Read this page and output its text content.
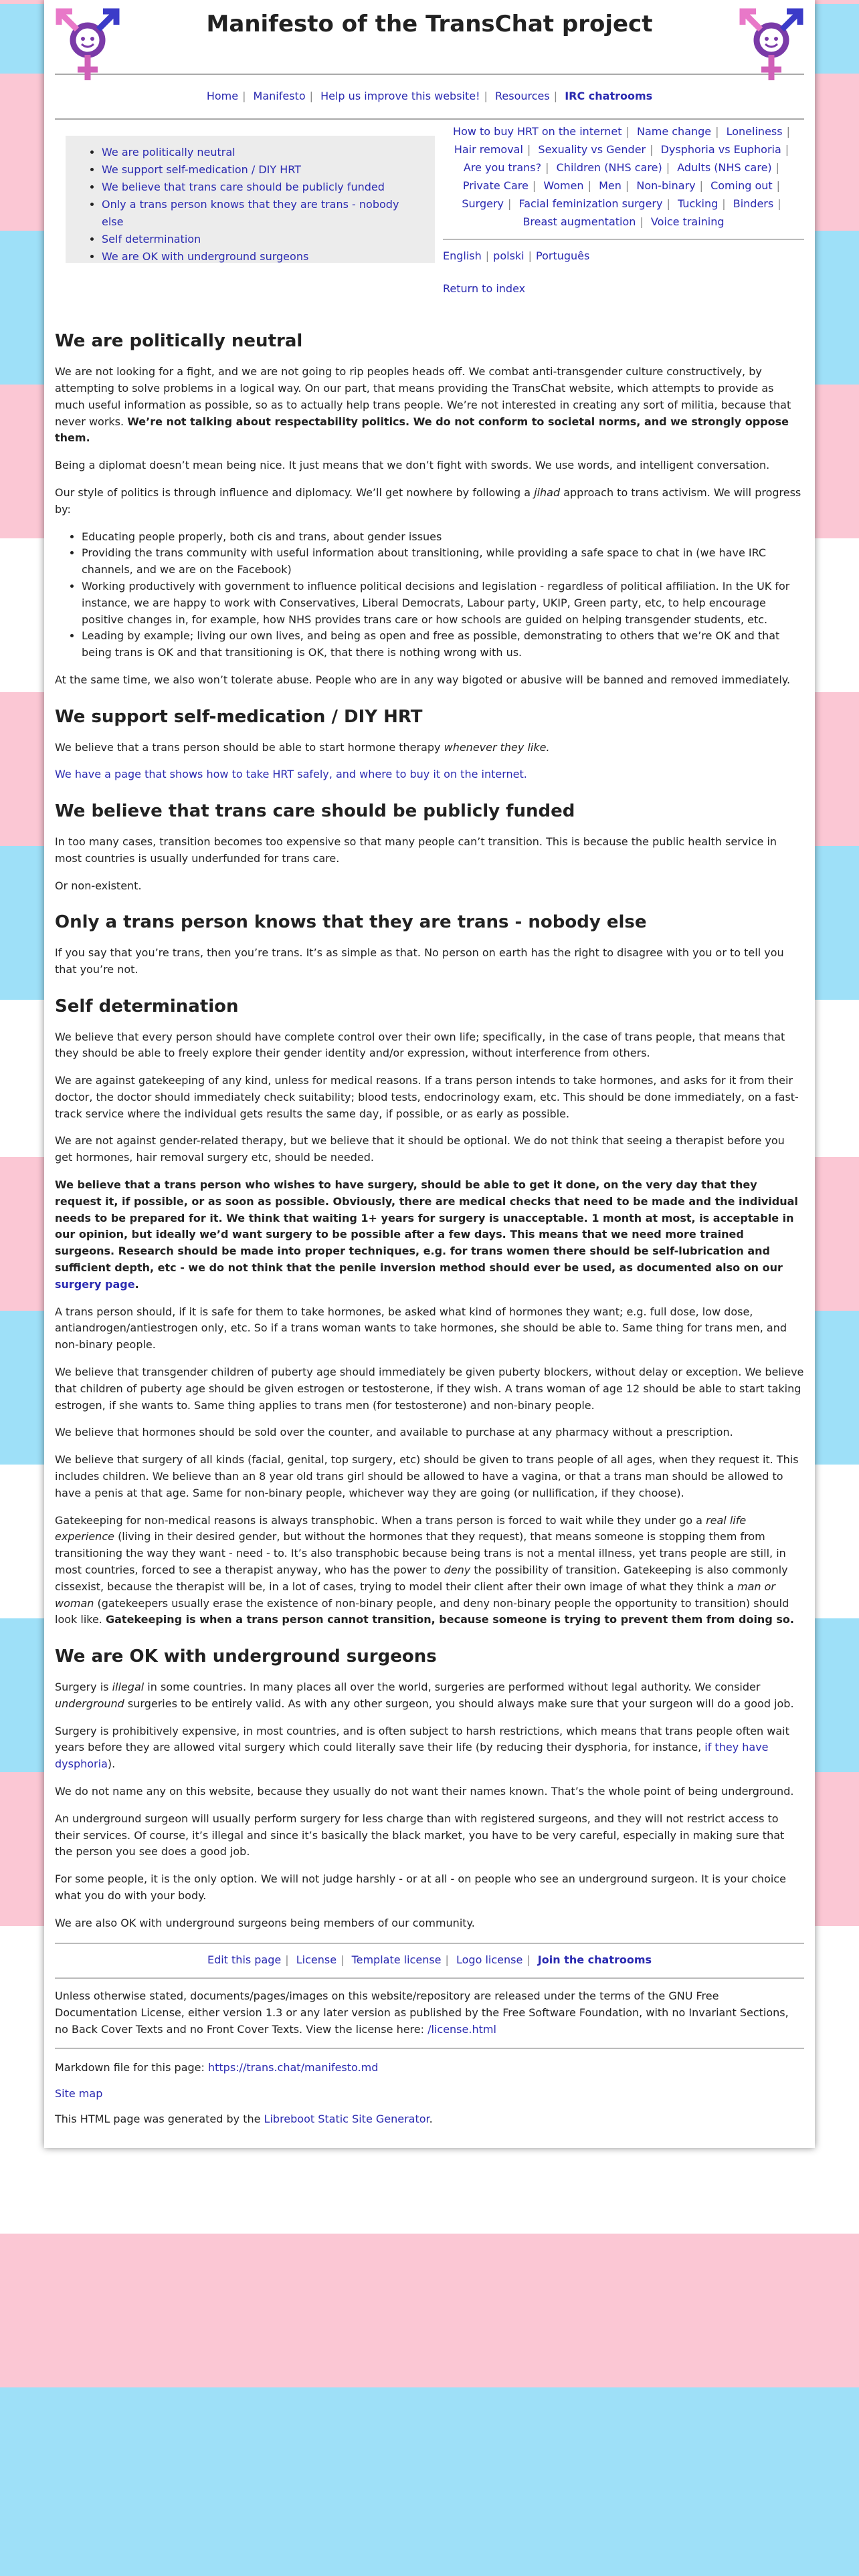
Manifesto of the TransChat project
Home | Manifesto | Help us improve this website! | Resources | IRC chatrooms
• We are politically neutral
• We support self-medication / DIY HRT
• We believe that trans care should be publicly funded
• Only a trans person knows that they are trans - nobody else
• Self determination
• We are OK with underground surgeons
How to buy HRT on the internet | Name change | Loneliness |
Hair removal | Sexuality vs Gender | Dysphoria vs Euphoria |
Are you trans? | Children (NHS care) | Adults (NHS care) |
Private Care | Women | Men | Non-binary | Coming out |
Surgery | Facial feminization surgery | Tucking | Binders |
Breast augmentation | Voice training

English | polski | Português

Return to index

We are politically neutral

We are not looking for a fight, and we are not going to rip peoples heads off. We combat anti-transgender culture constructively, by attempting to solve problems in a logical way. On our part, that means providing the TransChat website, which attempts to provide as much useful information as possible, so as to actually help trans people. We’re not interested in creating any sort of militia, because that never works. We’re not talking about respectability politics. We do not conform to societal norms, and we strongly oppose them.

Being a diplomat doesn’t mean being nice. It just means that we don’t fight with swords. We use words, and intelligent conversation.

Our style of politics is through influence and diplomacy. We’ll get nowhere by following a jihad approach to trans activism. We will progress by:

• Educating people properly, both cis and trans, about gender issues
• Providing the trans community with useful information about transitioning, while providing a safe space to chat in (we have IRC channels, and we are on the Facebook)
• Working productively with government to influence political decisions and legislation - regardless of political affiliation. In the UK for instance, we are happy to work with Conservatives, Liberal Democrats, Labour party, UKIP, Green party, etc, to help encourage positive changes in, for example, how NHS provides trans care or how schools are guided on helping transgender students, etc.
• Leading by example; living our own lives, and being as open and free as possible, demonstrating to others that we’re OK and that being trans is OK and that transitioning is OK, that there is nothing wrong with us.

At the same time, we also won’t tolerate abuse. People who are in any way bigoted or abusive will be banned and removed immediately.

We support self-medication / DIY HRT

We believe that a trans person should be able to start hormone therapy whenever they like.

We have a page that shows how to take HRT safely, and where to buy it on the internet.

We believe that trans care should be publicly funded

In too many cases, transition becomes too expensive so that many people can’t transition. This is because the public health service in most countries is usually underfunded for trans care.

Or non-existent.

Only a trans person knows that they are trans - nobody else

If you say that you’re trans, then you’re trans. It’s as simple as that. No person on earth has the right to disagree with you or to tell you that you’re not.

Self determination

We believe that every person should have complete control over their own life; specifically, in the case of trans people, that means that they should be able to freely explore their gender identity and/or expression, without interference from others.

We are against gatekeeping of any kind, unless for medical reasons. If a trans person intends to take hormones, and asks for it from their doctor, the doctor should immediately check suitability; blood tests, endocrinology exam, etc. This should be done immediately, on a fast-track service where the individual gets results the same day, if possible, or as early as possible.

We are not against gender-related therapy, but we believe that it should be optional. We do not think that seeing a therapist before you get hormones, hair removal surgery etc, should be needed.

We believe that a trans person who wishes to have surgery, should be able to get it done, on the very day that they request it, if possible, or as soon as possible. Obviously, there are medical checks that need to be made and the individual needs to be prepared for it. We think that waiting 1+ years for surgery is unacceptable. 1 month at most, is acceptable in our opinion, but ideally we’d want surgery to be possible after a few days. This means that we need more trained surgeons. Research should be made into proper techniques, e.g. for trans women there should be self-lubrication and sufficient depth, etc - we do not think that the penile inversion method should ever be used, as documented also on our surgery page.

A trans person should, if it is safe for them to take hormones, be asked what kind of hormones they want; e.g. full dose, low dose, antiandrogen/antiestrogen only, etc. So if a trans woman wants to take hormones, she should be able to. Same thing for trans men, and non-binary people.

We believe that transgender children of puberty age should immediately be given puberty blockers, without delay or exception. We believe that children of puberty age should be given estrogen or testosterone, if they wish. A trans woman of age 12 should be able to start taking estrogen, if she wants to. Same thing applies to trans men (for testosterone) and non-binary people.

We believe that hormones should be sold over the counter, and available to purchase at any pharmacy without a prescription.

We believe that surgery of all kinds (facial, genital, top surgery, etc) should be given to trans people of all ages, when they request it. This includes children. We believe than an 8 year old trans girl should be allowed to have a vagina, or that a trans man should be allowed to have a penis at that age. Same for non-binary people, whichever way they are going (or nullification, if they choose).

Gatekeeping for non-medical reasons is always transphobic. When a trans person is forced to wait while they under go a real life experience (living in their desired gender, but without the hormones that they request), that means someone is stopping them from transitioning the way they want - need - to. It’s also transphobic because being trans is not a mental illness, yet trans people are still, in most countries, forced to see a therapist anyway, who has the power to deny the possibility of transition. Gatekeeping is also commonly cissexist, because the therapist will be, in a lot of cases, trying to model their client after their own image of what they think a man or woman (gatekeepers usually erase the existence of non-binary people, and deny non-binary people the opportunity to transition) should look like. Gatekeeping is when a trans person cannot transition, because someone is trying to prevent them from doing so.

We are OK with underground surgeons

Surgery is illegal in some countries. In many places all over the world, surgeries are performed without legal authority. We consider underground surgeries to be entirely valid. As with any other surgeon, you should always make sure that your surgeon will do a good job.

Surgery is prohibitively expensive, in most countries, and is often subject to harsh restrictions, which means that trans people often wait years before they are allowed vital surgery which could literally save their life (by reducing their dysphoria, for instance, if they have dysphoria).

We do not name any on this website, because they usually do not want their names known. That’s the whole point of being underground.

An underground surgeon will usually perform surgery for less charge than with registered surgeons, and they will not restrict access to their services. Of course, it’s illegal and since it’s basically the black market, you have to be very careful, especially in making sure that the person you see does a good job.

For some people, it is the only option. We will not judge harshly - or at all - on people who see an underground surgeon. It is your choice what you do with your body.

We are also OK with underground surgeons being members of our community.

Edit this page | License | Template license | Logo license | Join the chatrooms

Unless otherwise stated, documents/pages/images on this website/repository are released under the terms of the GNU Free Documentation License, either version 1.3 or any later version as published by the Free Software Foundation, with no Invariant Sections, no Back Cover Texts and no Front Cover Texts. View the license here: /license.html

Markdown file for this page: https://trans.chat/manifesto.md

Site map

This HTML page was generated by the Libreboot Static Site Generator.
